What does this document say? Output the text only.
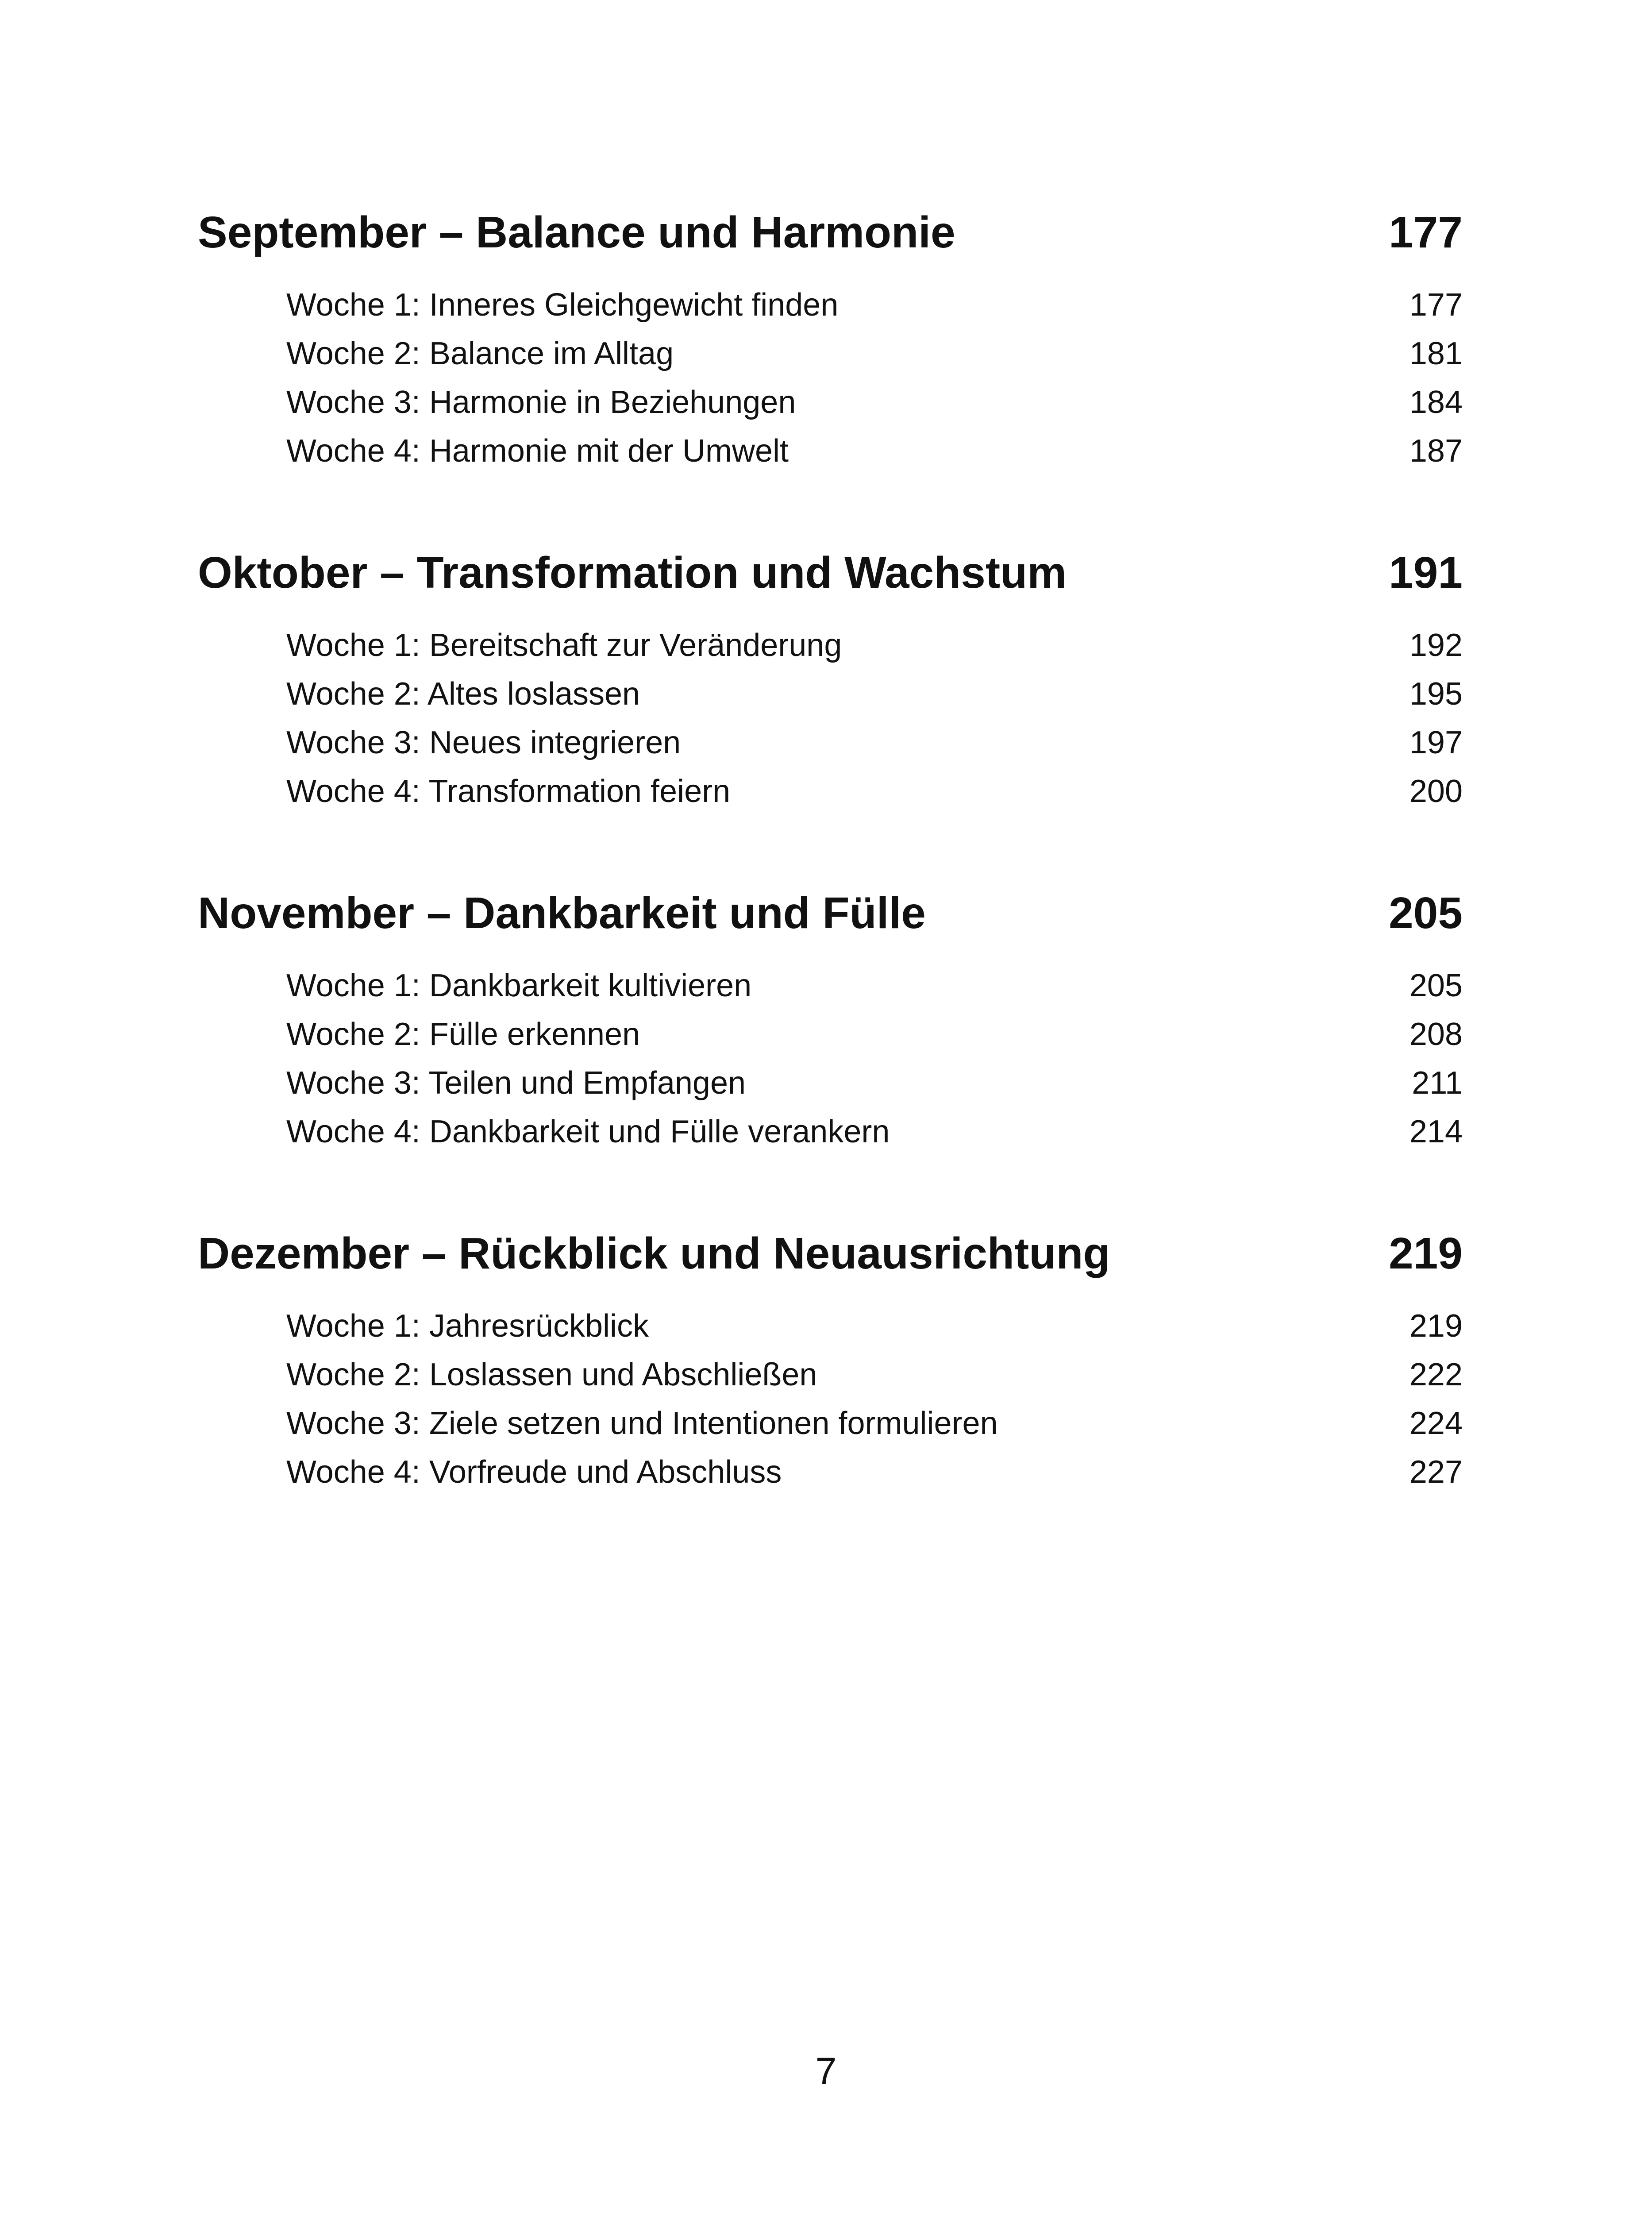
September – Balance und Harmonie	177
Woche 1: Inneres Gleichgewicht finden	177
Woche 2: Balance im Alltag	181
Woche 3: Harmonie in Beziehungen	184
Woche 4: Harmonie mit der Umwelt	187
Oktober – Transformation und Wachstum	191
Woche 1: Bereitschaft zur Veränderung	192
Woche 2: Altes loslassen	195
Woche 3: Neues integrieren	197
Woche 4: Transformation feiern	200
November – Dankbarkeit und Fülle	205
Woche 1: Dankbarkeit kultivieren	205
Woche 2: Fülle erkennen	208
Woche 3: Teilen und Empfangen	211
Woche 4: Dankbarkeit und Fülle verankern	214
Dezember – Rückblick und Neuausrichtung	219
Woche 1: Jahresrückblick	219
Woche 2: Loslassen und Abschließen	222
Woche 3: Ziele setzen und Intentionen formulieren	224
Woche 4: Vorfreude und Abschluss	227
7
